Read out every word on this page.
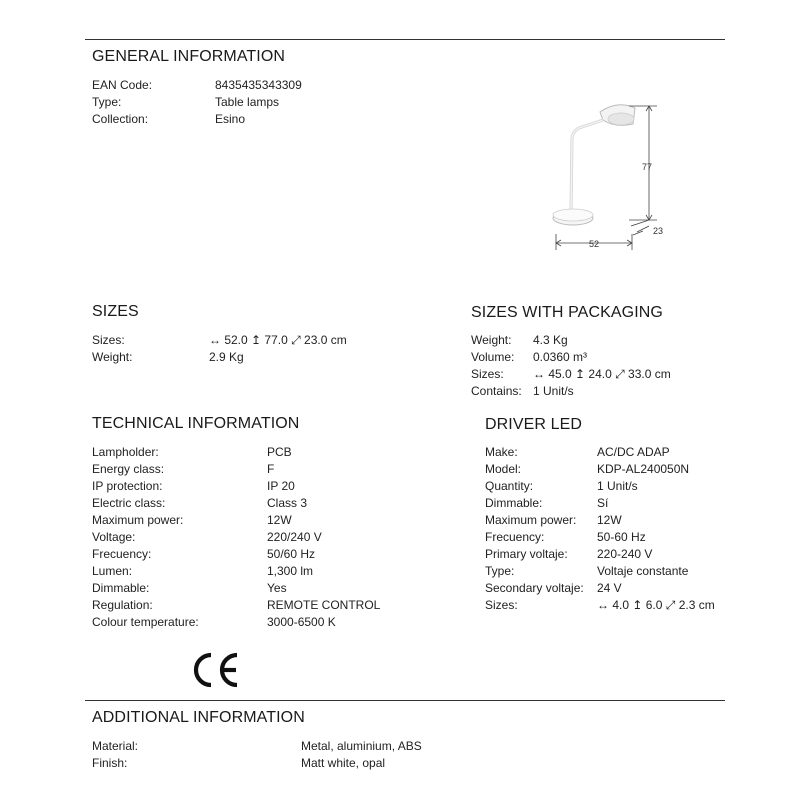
GENERAL INFORMATION
EAN Code:	8435435343309
Type:	Table lamps
Collection:	Esino
77
23
52
SIZES
Sizes:	↔ 52.0 ↥ 77.0 ⤢ 23.0 cm
Weight:	2.9 Kg
SIZES WITH PACKAGING
Weight: 4.3 Kg
Volume: 0.0360 m³
Sizes: ↔ 45.0 ↥ 24.0 ⤢ 33.0 cm
Contains: 1 Unit/s
TECHNICAL INFORMATION
Lampholder:	PCB
Energy class:	F
IP protection:	IP 20
Electric class:	Class 3
Maximum power:	12W
Voltage:	220/240 V
Frecuency:	50/60 Hz
Lumen:	1,300 lm
Dimmable:	Yes
Regulation:	REMOTE CONTROL
Colour temperature:	3000-6500 K
DRIVER LED
Make:	AC/DC ADAP
Model:	KDP-AL240050N
Quantity:	1 Unit/s
Dimmable:	Sí
Maximum power: 12W
Frecuency:	50-60 Hz
Primary voltaje: 220-240 V
Type:	Voltaje constante
Secondary voltaje: 24 V
Sizes:	↔ 4.0 ↥ 6.0 ⤢ 2.3 cm
ADDITIONAL INFORMATION
Material:	Metal, aluminium, ABS
Finish:	Matt white, opal
